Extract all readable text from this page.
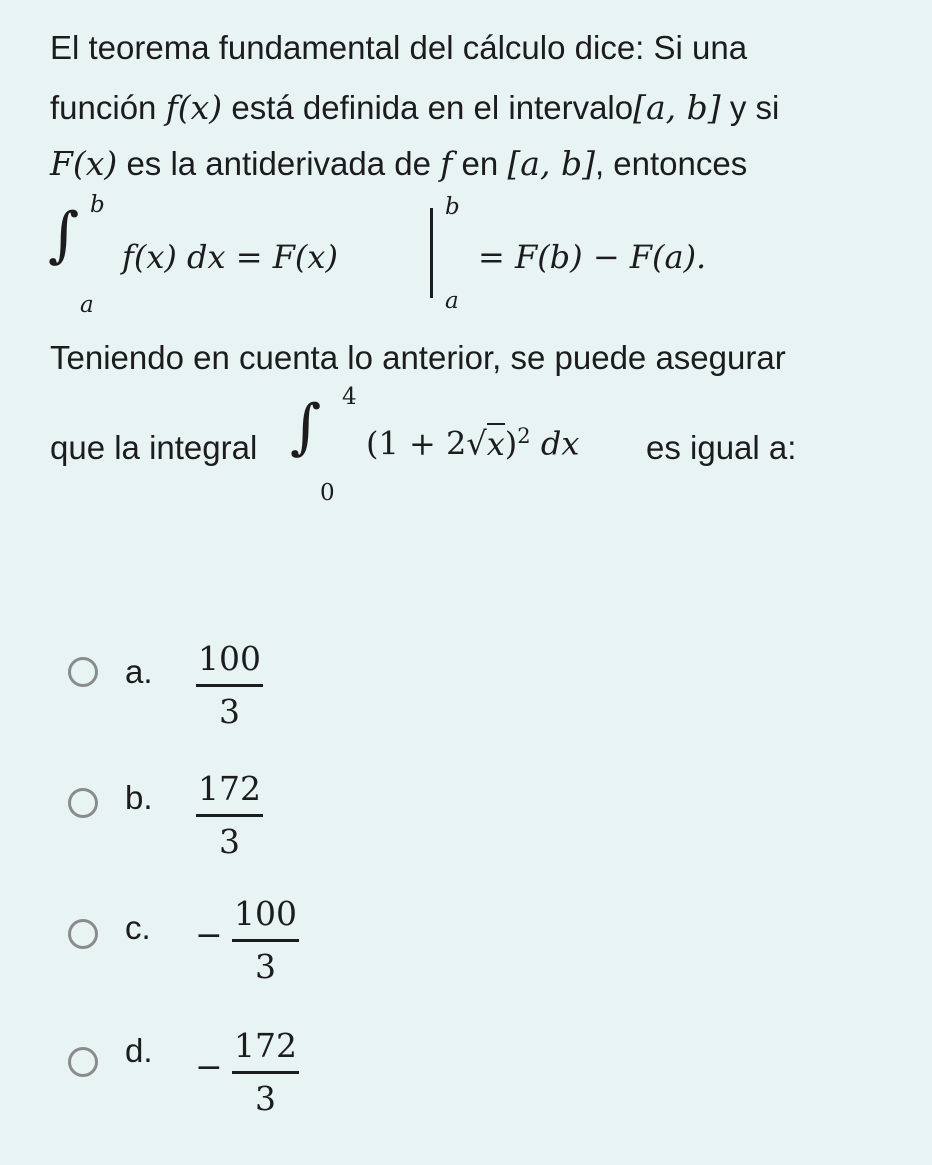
El teorema fundamental del cálculo dice: Si una
función f(x) está definida en el intervalo[a, b] y si
F(x) es la antiderivada de f en [a, b], entonces
∫ b
a
f(x) dx = F(x)
b
a
= F(b) − F(a).
Teniendo en cuenta lo anterior, se puede asegurar
que la integral ∫ 4
0
$(1 + 2√x)^2$ dx es igual a:
a. $\frac{100}{3}$
b. $\frac{172}{3}$
c. − $\frac{100}{3}$
d. − $\frac{172}{3}$
